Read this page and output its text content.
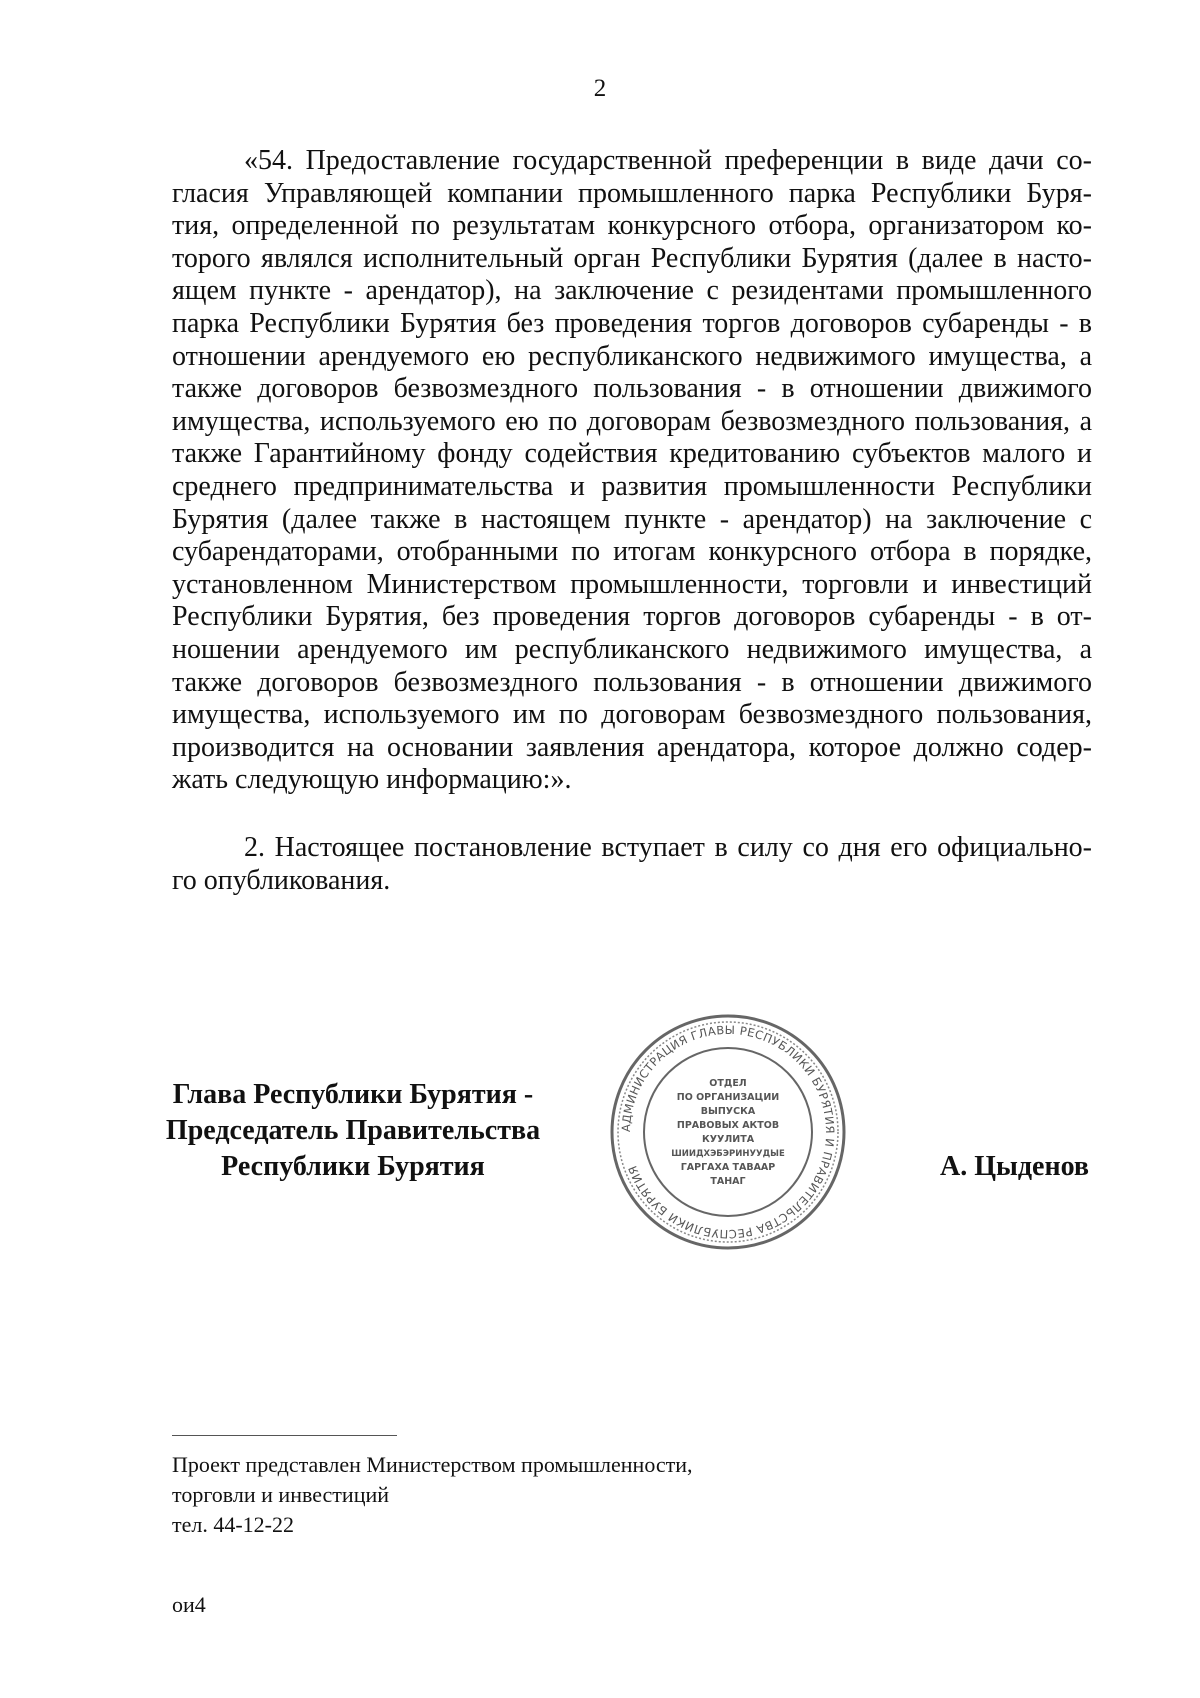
2
«54. Предоставление государственной преференции в виде дачи со-
гласия Управляющей компании промышленного парка Республики Буря-
тия, определенной по результатам конкурсного отбора, организатором ко-
торого являлся исполнительный орган Республики Бурятия (далее в насто-
ящем пункте - арендатор), на заключение с резидентами промышленного
парка Республики Бурятия без проведения торгов договоров субаренды - в
отношении арендуемого ею республиканского недвижимого имущества, а
также договоров безвозмездного пользования - в отношении движимого
имущества, используемого ею по договорам безвозмездного пользования, а
также Гарантийному фонду содействия кредитованию субъектов малого и
среднего предпринимательства и развития промышленности Республики
Бурятия (далее также в настоящем пункте - арендатор) на заключение с
субарендаторами, отобранными по итогам конкурсного отбора в порядке,
установленном Министерством промышленности, торговли и инвестиций
Республики Бурятия, без проведения торгов договоров субаренды - в от-
ношении арендуемого им республиканского недвижимого имущества, а
также договоров безвозмездного пользования - в отношении движимого
имущества, используемого им по договорам безвозмездного пользования,
производится на основании заявления арендатора, которое должно содер-
жать следующую информацию:».
2. Настоящее постановление вступает в силу со дня его официально-
го опубликования.
Глава Республики Бурятия -
Председатель Правительства
Республики Бурятия
АДМИНИСТРАЦИЯ ГЛАВЫ РЕСПУБЛИКИ БУРЯТИЯ И ПРАВИТЕЛЬСТВА РЕСПУБЛИКИ БУРЯТИЯ
ОТДЕЛ
ПО ОРГАНИЗАЦИИ
ВЫПУСКА
ПРАВОВЫХ АКТОВ
КУУЛИТА
ШИИДХЭБЭРИНУУДЫЕ
ГАРГАХА ТАВААР
ТАНАГ	А. Цыденов
Проект представлен Министерством промышленности,
торговли и инвестиций
тел. 44-12-22
ои4
